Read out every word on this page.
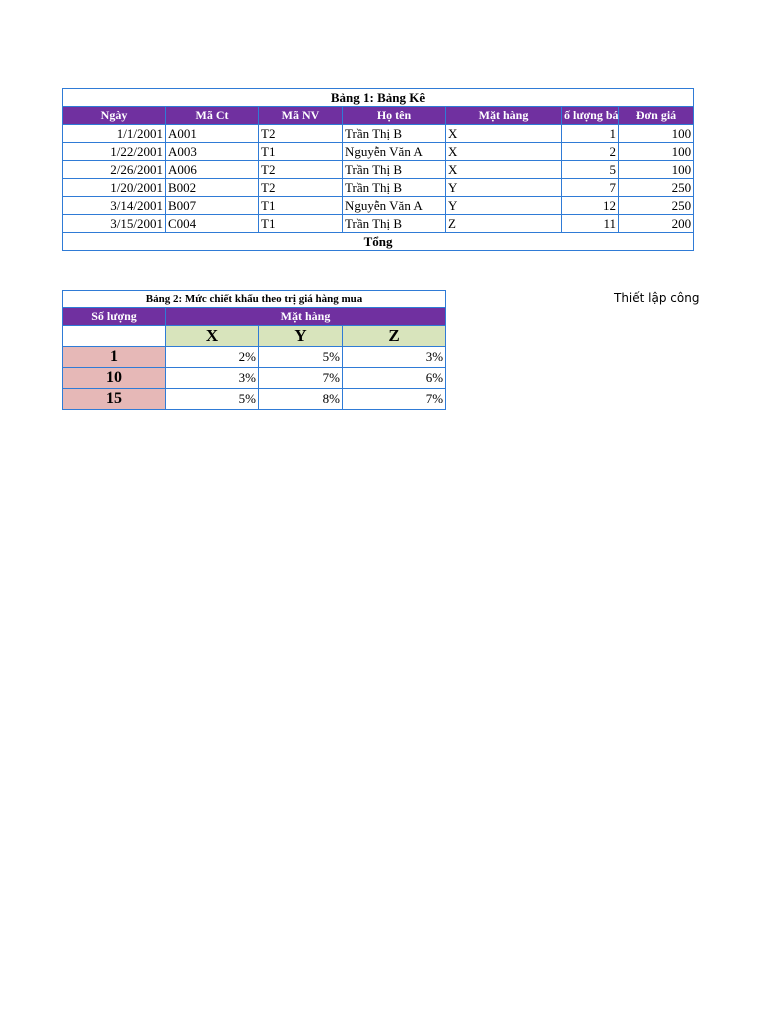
Bảng 1: Bảng Kê						
Ngày	Mã Ct	Mã NV	Họ tên	Mặt hàng	ố lượng bá	Đơn giá
1/1/2001	A001	T2	Trần Thị B	X	1	100
1/22/2001	A003	T1	Nguyễn Văn A	X	2	100
2/26/2001	A006	T2	Trần Thị B	X	5	100
1/20/2001	B002	T2	Trần Thị B	Y	7	250
3/14/2001	B007	T1	Nguyễn Văn A	Y	12	250
3/15/2001	C004	T1	Trần Thị B	Z	11	200
Tổng						
Bảng 2: Mức chiết khấu theo trị giá hàng mua			
Số lượng	Mặt hàng		
	X	Y	Z
1	2%	5%	3%
10	3%	7%	6%
15	5%	8%	7%
Thiết lập công
